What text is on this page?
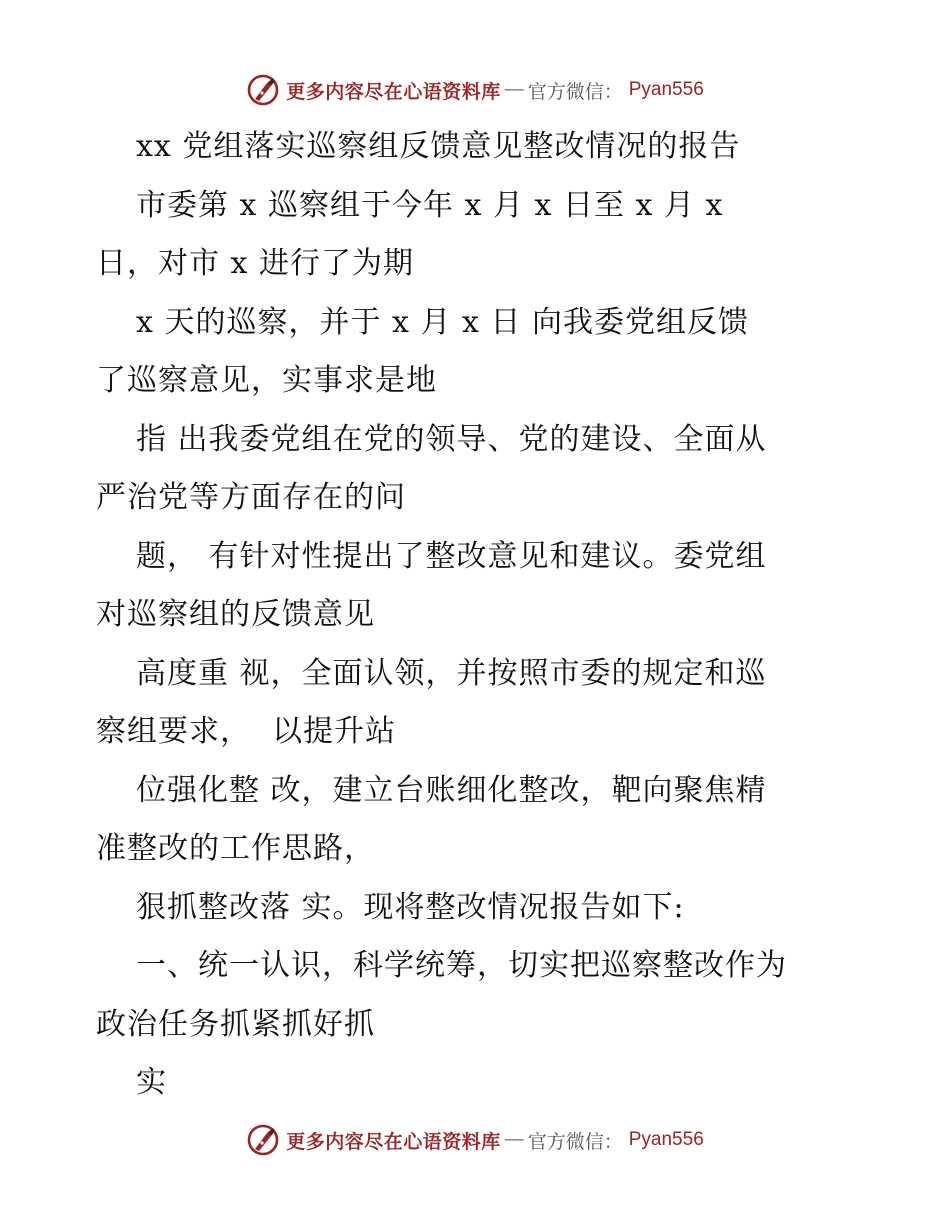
更多内容尽在心语资料库 — 官方微信： Pyan556
xx 党组落实巡察组反馈意见整改情况的报告
市委第 x 巡察组于今年 x 月 x 日至 x 月 x
日，对市 x 进行了为期
x 天的巡察，并于 x 月 x 日 向我委党组反馈
了巡察意见，实事求是地
指 出我委党组在党的领导、党的建设、全面从
严治党等方面存在的问
题， 有针对性提出了整改意见和建议。委党组
对巡察组的反馈意见
高度重 视，全面认领，并按照市委的规定和巡
察组要求，  以提升站
位强化整 改，建立台账细化整改，靶向聚焦精
准整改的工作思路，
狠抓整改落 实。现将整改情况报告如下:
一、统一认识，科学统筹，切实把巡察整改作为
政治任务抓紧抓好抓
实
更多内容尽在心语资料库 — 官方微信： Pyan556
